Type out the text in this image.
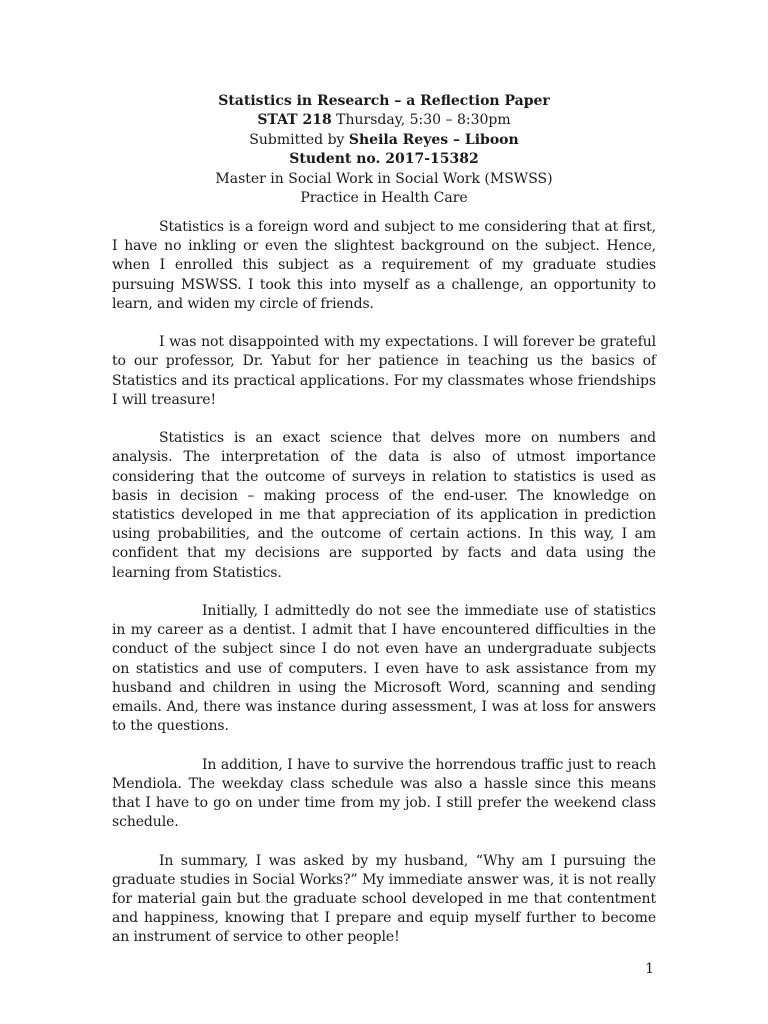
Statistics in Research – a Reflection Paper
STAT 218 Thursday, 5:30 – 8:30pm
Submitted by Sheila Reyes – Liboon
Student no. 2017-15382
Master in Social Work in Social Work (MSWSS)
Practice in Health Care

Statistics is a foreign word and subject to me considering that at first, I have no inkling or even the slightest background on the subject. Hence, when I enrolled this subject as a requirement of my graduate studies pursuing MSWSS. I took this into myself as a challenge, an opportunity to learn, and widen my circle of friends.

I was not disappointed with my expectations. I will forever be grateful to our professor, Dr. Yabut for her patience in teaching us the basics of Statistics and its practical applications. For my classmates whose friendships I will treasure!

Statistics is an exact science that delves more on numbers and analysis. The interpretation of the data is also of utmost importance considering that the outcome of surveys in relation to statistics is used as basis in decision – making process of the end-user. The knowledge on statistics developed in me that appreciation of its application in prediction using probabilities, and the outcome of certain actions. In this way, I am confident that my decisions are supported by facts and data using the learning from Statistics.

Initially, I admittedly do not see the immediate use of statistics in my career as a dentist. I admit that I have encountered difficulties in the conduct of the subject since I do not even have an undergraduate subjects on statistics and use of computers. I even have to ask assistance from my husband and children in using the Microsoft Word, scanning and sending emails. And, there was instance during assessment, I was at loss for answers to the questions.

In addition, I have to survive the horrendous traffic just to reach Mendiola. The weekday class schedule was also a hassle since this means that I have to go on under time from my job. I still prefer the weekend class schedule.

In summary, I was asked by my husband, “Why am I pursuing the graduate studies in Social Works?” My immediate answer was, it is not really for material gain but the graduate school developed in me that contentment and happiness, knowing that I prepare and equip myself further to become an instrument of service to other people!

1
